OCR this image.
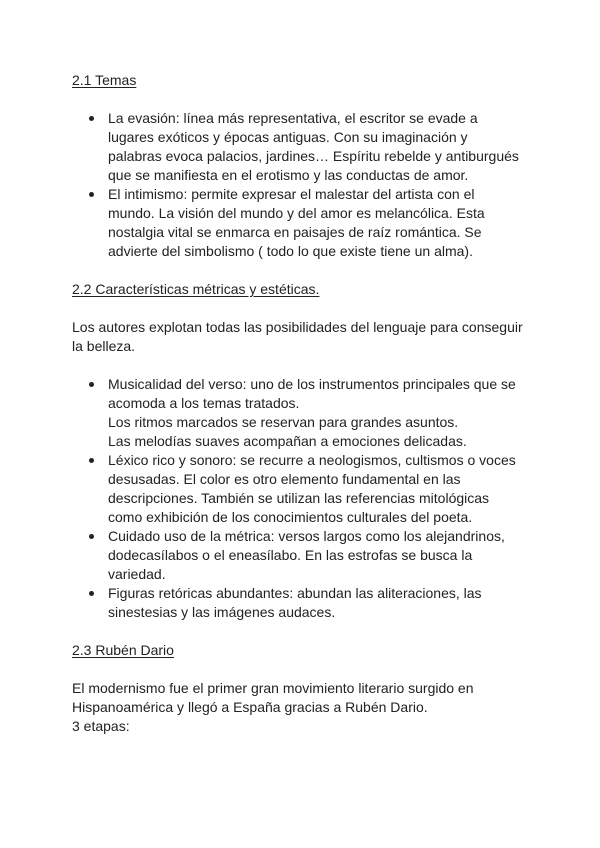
2.1 Temas
La evasión: línea más representativa, el escritor se evade a
lugares exóticos y épocas antiguas. Con su imaginación y
palabras evoca palacios, jardines… Espíritu rebelde y antiburgués
que se manifiesta en el erotismo y las conductas de amor.
El intimismo: permite expresar el malestar del artista con el
mundo. La visión del mundo y del amor es melancólica. Esta
nostalgia vital se enmarca en paisajes de raíz romántica. Se
advierte del simbolismo ( todo lo que existe tiene un alma).
2.2 Características métricas y estéticas.

Los autores explotan todas las posibilidades del lenguaje para conseguir
la belleza.

Musicalidad del verso: uno de los instrumentos principales que se
acomoda a los temas tratados.
Los ritmos marcados se reservan para grandes asuntos.
Las melodías suaves acompañan a emociones delicadas.
Léxico rico y sonoro: se recurre a neologismos, cultismos o voces
desusadas. El color es otro elemento fundamental en las
descripciones. También se utilizan las referencias mitológicas
como exhibición de los conocimientos culturales del poeta.
Cuidado uso de la métrica: versos largos como los alejandrinos,
dodecasílabos o el eneasílabo. En las estrofas se busca la
variedad.
Figuras retóricas abundantes: abundan las aliteraciones, las
sinestesias y las imágenes audaces.
2.3 Rubén Dario

El modernismo fue el primer gran movimiento literario surgido en
Hispanoamérica y llegó a España gracias a Rubén Dario.
3 etapas:
